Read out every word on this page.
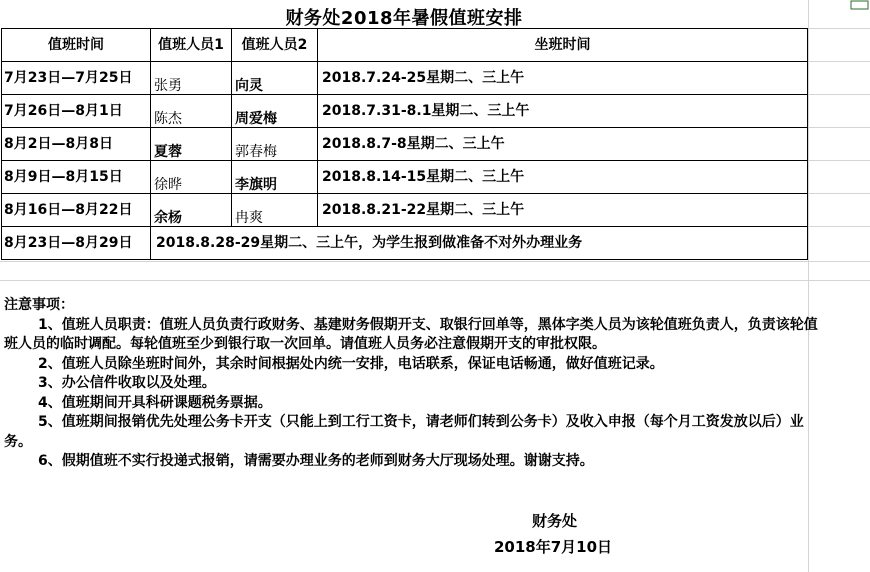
财务处2018年暑假值班安排
值班时间	值班人员1	值班人员2	坐班时间
7月23日—7月25日 张勇	向灵	2018.7.24-25星期二、三上午
7月26日—8月1日 陈杰	周爱梅	2018.7.31-8.1星期二、三上午
8月2日—8月8日	夏蓉	郭春梅	2018.8.7-8星期二、三上午
8月9日—8月15日 徐晔	李旗明	2018.8.14-15星期二、三上午
8月16日—8月22日 余杨	冉爽	2018.8.21-22星期二、三上午
8月23日—8月29日 2018.8.28-29星期二、三上午，为学生报到做准备不对外办理业务

注意事项：

1、值班人员职责：值班人员负责行政财务、基建财务假期开支、取银行回单等，黑体字类人员为该轮值班负责人，负责该轮值班人员的临时调配。每轮值班至少到银行取一次回单。请值班人员务必注意假期开支的审批权限。

2、值班人员除坐班时间外，其余时间根据处内统一安排，电话联系，保证电话畅通，做好值班记录。

3、办公信件收取以及处理。

4、值班期间开具科研课题税务票据。

5、值班期间报销优先处理公务卡开支（只能上到工行工资卡，请老师们转到公务卡）及收入申报（每个月工资发放以后）业务。

6、假期值班不实行投递式报销，请需要办理业务的老师到财务大厅现场处理。谢谢支持。

财务处
2018年7月10日
